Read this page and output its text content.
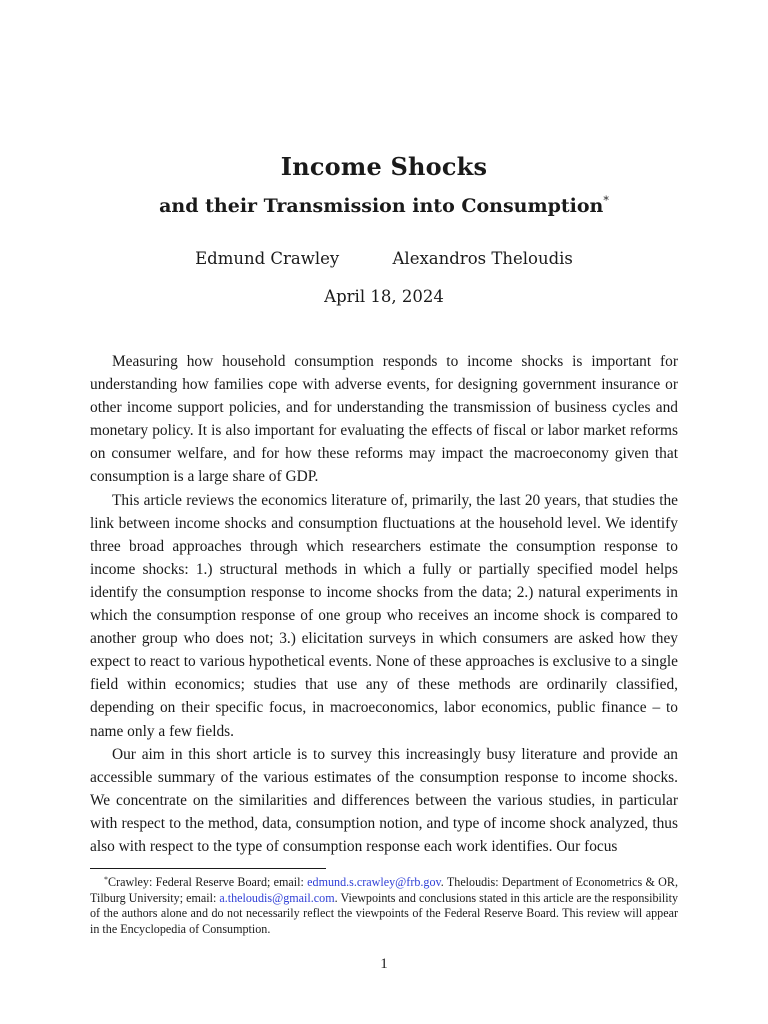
Income Shocks
and their Transmission into Consumption*
Edmund Crawley	Alexandros Theloudis
April 18, 2024

Measuring how household consumption responds to income shocks is important for understanding how families cope with adverse events, for designing government insurance or other income support policies, and for understanding the transmission of business cycles and monetary policy. It is also important for evaluating the effects of fiscal or labor market reforms on consumer welfare, and for how these reforms may impact the macroeconomy given that consumption is a large share of GDP.

This article reviews the economics literature of, primarily, the last 20 years, that studies the link between income shocks and consumption fluctuations at the household level. We identify three broad approaches through which researchers estimate the consumption response to income shocks: 1.) structural methods in which a fully or partially specified model helps identify the consumption response to income shocks from the data; 2.) natural experiments in which the consumption response of one group who receives an income shock is compared to another group who does not; 3.) elicitation surveys in which consumers are asked how they expect to react to various hypothetical events. None of these approaches is exclusive to a single field within economics; studies that use any of these methods are ordinarily classified, depending on their specific focus, in macroeconomics, labor economics, public finance – to name only a few fields.

Our aim in this short article is to survey this increasingly busy literature and provide an accessible summary of the various estimates of the consumption response to income shocks. We concentrate on the similarities and differences between the various studies, in particular with respect to the method, data, consumption notion, and type of income shock analyzed, thus also with respect to the type of consumption response each work identifies. Our focus

*Crawley: Federal Reserve Board; email: edmund.s.crawley@frb.gov. Theloudis: Department of Econometrics & OR, Tilburg University; email: a.theloudis@gmail.com. Viewpoints and conclusions stated in this article are the responsibility of the authors alone and do not necessarily reflect the viewpoints of the Federal Reserve Board. This review will appear in the Encyclopedia of Consumption.

1
